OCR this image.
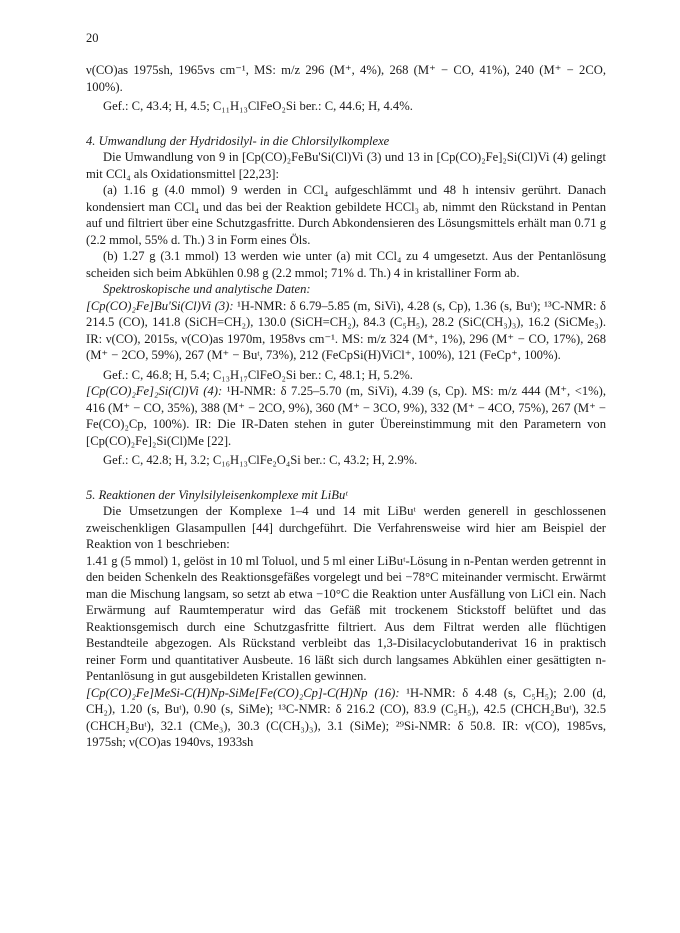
20

ν(CO)as 1975sh, 1965vs cm⁻¹, MS: m/z 296 (M⁺, 4%), 268 (M⁺ − CO, 41%), 240 (M⁺ − 2CO, 100%).

Gef.: C, 43.4; H, 4.5; C₁₁H₁₃ClFeO₂Si ber.: C, 44.6; H, 4.4%.

4. Umwandlung der Hydridosilyl- in die Chlorsilylkomplexe

Die Umwandlung von 9 in [Cp(CO)₂FeBu'Si(Cl)Vi (3) und 13 in [Cp(CO)₂Fe]₂Si(Cl)Vi (4) gelingt mit CCl₄ als Oxidationsmittel [22,23]:

(a) 1.16 g (4.0 mmol) 9 werden in CCl₄ aufgeschlämmt und 48 h intensiv gerührt. Danach kondensiert man CCl₄ und das bei der Reaktion gebildete HCCl₃ ab, nimmt den Rückstand in Pentan auf und filtriert über eine Schutzgasfritte. Durch Abkondensieren des Lösungsmittels erhält man 0.71 g (2.2 mmol, 55% d. Th.) 3 in Form eines Öls.

(b) 1.27 g (3.1 mmol) 13 werden wie unter (a) mit CCl₄ zu 4 umgesetzt. Aus der Pentanlösung scheiden sich beim Abkühlen 0.98 g (2.2 mmol; 71% d. Th.) 4 in kristalliner Form ab.

Spektroskopische und analytische Daten:

[Cp(CO)₂Fe]Bu'Si(Cl)Vi (3): ¹H-NMR: δ 6.79–5.85 (m, SiVi), 4.28 (s, Cp), 1.36 (s, Buᵗ); ¹³C-NMR: δ 214.5 (CO), 141.8 (SiCH=CH₂), 130.0 (SiCH=CH₂), 84.3 (C₅H₅), 28.2 (SiC(CH₃)₃), 16.2 (SiCMe₃). IR: ν(CO), 2015s, ν(CO)as 1970m, 1958vs cm⁻¹. MS: m/z 324 (M⁺, 1%), 296 (M⁺ − CO, 17%), 268 (M⁺ − 2CO, 59%), 267 (M⁺ − Buᵗ, 73%), 212 (FeCpSi(H)ViCl⁺, 100%), 121 (FeCp⁺, 100%).

Gef.: C, 46.8; H, 5.4; C₁₃H₁₇ClFeO₂Si ber.: C, 48.1; H, 5.2%.

[Cp(CO)₂Fe]₂Si(Cl)Vi (4): ¹H-NMR: δ 7.25–5.70 (m, SiVi), 4.39 (s, Cp). MS: m/z 444 (M⁺, <1%), 416 (M⁺ − CO, 35%), 388 (M⁺ − 2CO, 9%), 360 (M⁺ − 3CO, 9%), 332 (M⁺ − 4CO, 75%), 267 (M⁺ − Fe(CO)₂Cp, 100%). IR: Die IR-Daten stehen in guter Übereinstimmung mit den Parametern von [Cp(CO)₂Fe]₂Si(Cl)Me [22].

Gef.: C, 42.8; H, 3.2; C₁₆H₁₃ClFe₂O₄Si ber.: C, 43.2; H, 2.9%.

5. Reaktionen der Vinylsilyleisenkomplexe mit LiBuᵗ

Die Umsetzungen der Komplexe 1–4 und 14 mit LiBuᵗ werden generell in geschlossenen zweischenkligen Glasampullen [44] durchgeführt. Die Verfahrensweise wird hier am Beispiel der Reaktion von 1 beschrieben:

1.41 g (5 mmol) 1, gelöst in 10 ml Toluol, und 5 ml einer LiBuᵗ-Lösung in n-Pentan werden getrennt in den beiden Schenkeln des Reaktionsgefäßes vorgelegt und bei −78°C miteinander vermischt. Erwärmt man die Mischung langsam, so setzt ab etwa −10°C die Reaktion unter Ausfällung von LiCl ein. Nach Erwärmung auf Raumtemperatur wird das Gefäß mit trockenem Stickstoff belüftet und das Reaktionsgemisch durch eine Schutzgasfritte filtriert. Aus dem Filtrat werden alle flüchtigen Bestandteile abgezogen. Als Rückstand verbleibt das 1,3-Disilacyclobutanderivat 16 in praktisch reiner Form und quantitativer Ausbeute. 16 läßt sich durch langsames Abkühlen einer gesättigten n-Pentanlösung in gut ausgebildeten Kristallen gewinnen.

[Cp(CO)₂Fe]MeSi-C(H)Np-SiMe[Fe(CO)₂Cp]-C(H)Np (16): ¹H-NMR: δ 4.48 (s, C₅H₅); 2.00 (d, CH₂), 1.20 (s, Buᵗ), 0.90 (s, SiMe); ¹³C-NMR: δ 216.2 (CO), 83.9 (C₅H₅), 42.5 (CHCH₂Buᵗ), 32.5 (CHCH₂Buᵗ), 32.1 (CMe₃), 30.3 (C(CH₃)₃), 3.1 (SiMe); ²⁹Si-NMR: δ 50.8. IR: ν(CO), 1985vs, 1975sh; ν(CO)as 1940vs, 1933sh
